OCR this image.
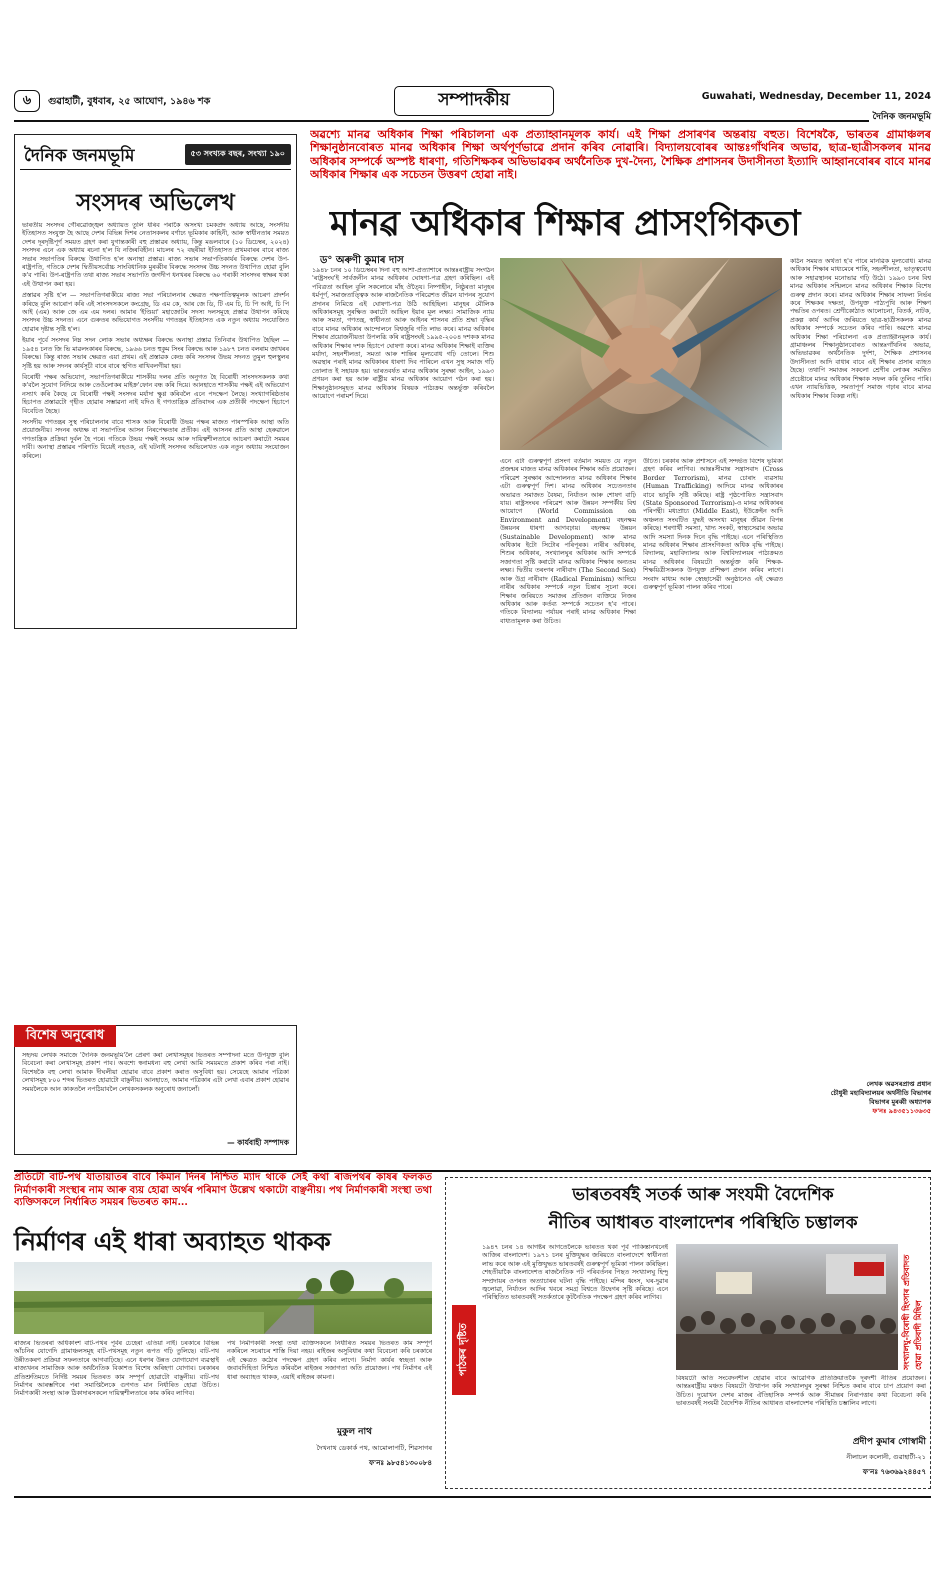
৬	গুৱাহাটী, বুধবাৰ, ২৫ আঘোণ, ১৯৪৬ শক	সম্পাদকীয়	Guwahati, Wednesday, December 11, 2024
দৈনিক জনমভূমি
দৈনিক জনমভূমি	৫৩ সংখ্যক বছৰ, সংখ্যা ১৯০
সংসদৰ অভিলেখ

ভাৰতীয় সংসদৰ গৌৰৱোজ্জ্বল অধ্যায়ত তুলি ধৰিব পৰাকৈ অসংখ্য চমকপ্ৰদ অধ্যায় আছে, সংসদীয় ইতিহাসত সংযুক্ত হৈ আছে দেশৰ বিভিন্ন দিশৰ নেতাসকলৰ বৰ্ণাঢ্য ভূমিকাৰ কাহিনী, আৰু স্বাধীনতাৰ সময়ত দেশৰ দূৰদৃষ্টিপূৰ্ণ সময়ত গ্ৰহণ কৰা যুগান্তকাৰী বহু প্ৰস্তাৱৰ অধ্যায়, কিন্তু মঙলবাৰে (১০ ডিচেম্বৰ, ২০২৪) সংসদৰ এনে এক অধ্যায় ৰচনা হ'ল যি নজিৰবিহীন। মাচলৰ ৭২ বছৰীয়া ইতিহাসত প্ৰথমবাৰৰ বাবে ৰাজ্য সভাৰ সভাপতিৰ বিৰুদ্ধে উথাপিত হ'ল অনাস্থা প্ৰস্তাৱ। ৰাজ্য সভাৰ সভাপতিকাৰ্যৰ বিৰুদ্ধে দেশৰ উপ-ৰাষ্ট্ৰপতি, গতিকে দেশৰ দ্বিতীয়সৰ্বোচ্চ সাংবিধানিক মুৰব্বীৰ বিৰুদ্ধে সংসদৰ উচ্চ সদনত উথাপিত হোৱা বুলি ক'ব পাৰি। উপ-ৰাষ্ট্ৰপতি তথা ৰাজ্য সভাৰ সভাপতি জগদীপ ধনখৰৰ বিৰুদ্ধে ৬০ গৰাকী সাংসদৰ স্বাক্ষৰ থকা এই উত্থাপন কৰা হয়।

প্ৰস্তাৱৰ সৃষ্টি হ'ল — সভাপতিগৰাকীয়ে ৰাজ্য সভা পৰিচালনাৰ ক্ষেত্ৰত পক্ষপাতিত্বমূলক আচৰণ প্ৰদৰ্শন কৰিছে বুলি আৰোপ কৰি এই সাংসদসকলে কংগ্ৰেছ, ডি এম কে, আৰ জে ডি, টি এম চি, চি পি আই, চি পি আই (এম) আৰু জে এম এম দলৰ। আমাৰ 'ইণ্ডিয়া' মহাজোটৰ সদস্য দলসমূহে প্ৰস্তাৱ উথাপন কৰিছে সংসদৰ উচ্চ সদনত। এনে গুৰুতৰ অভিযোগত সংসদীয় গণতন্ত্ৰৰ ইতিহাসত এক নতুন অধ্যায় সংযোজিত হোৱাৰ দৃষ্টান্ত সৃষ্টি হ'ল।

ইয়াৰ পূৰ্বে সংসদৰ নিম্ন সদন লোক সভাৰ অধ্যক্ষৰ বিৰুদ্ধে অনাস্থা প্ৰস্তাৱ তিনিবাৰ উথাপিত হৈছিল — ১৯৫৪ চনত জি ভি মাৱলংকাৰৰ বিৰুদ্ধে, ১৯৬৬ চনত হুকুম সিংৰ বিৰুদ্ধে আৰু ১৯৮৭ চনত বলৰাম জাখৰৰ বিৰুদ্ধে। কিন্তু ৰাজ্য সভাৰ ক্ষেত্ৰত এয়া প্ৰথম। এই প্ৰস্তাৱক কেন্দ্ৰ কৰি সংসদৰ উভয় সদনত তুমুল হুলস্থুলৰ সৃষ্টি হয় আৰু সদনৰ কাৰ্যসূচী বাৰে বাৰে স্থগিত ৰাখিবলগীয়া হয়।

বিৰোধী পক্ষৰ অভিযোগ, সভাপতিগৰাকীয়ে শাসকীয় দলৰ প্ৰতি অনুগত হৈ বিৰোধী সাংসদসকলক কথা ক'বলৈ সুযোগ নিদিয়ে আৰু তেওঁলোকৰ মাইক্ৰ'ফোন বন্ধ কৰি দিয়ে। আনহাতে শাসকীয় পক্ষই এই অভিযোগ নস্যাৎ কৰি কৈছে যে বিৰোধী পক্ষই সংসদৰ মৰ্যাদা ক্ষুণ্ণ কৰিবলৈ এনে পদক্ষেপ লৈছে। সংখ্যাগৰিষ্ঠতাৰ হিচাপত প্ৰস্তাৱটো গৃহীত হোৱাৰ সম্ভাৱনা নাই যদিও ই গণতান্ত্ৰিক প্ৰতিবাদৰ এক প্ৰতীকী পদক্ষেপ হিচাপে বিবেচিত হৈছে।

সংসদীয় গণতন্ত্ৰৰ সুস্থ পৰিচালনাৰ বাবে শাসক আৰু বিৰোধী উভয় পক্ষৰ মাজত পাৰস্পৰিক আস্থা অতি প্ৰয়োজনীয়। সদনৰ অধ্যক্ষ বা সভাপতিৰ আসন নিৰপেক্ষতাৰ প্ৰতীক। এই আসনৰ প্ৰতি আস্থা হেৰুৱালে গণতান্ত্ৰিক প্ৰক্ৰিয়া দুৰ্বল হৈ পৰে। গতিকে উভয় পক্ষই সংযম আৰু দায়িত্বশীলতাৰে আচৰণ কৰাটো সময়ৰ দাবী। অনাস্থা প্ৰস্তাৱৰ পৰিণতি যিয়েই নহওক, এই ঘটনাই সংসদৰ অভিলেখত এক নতুন অধ্যায় সংযোজন কৰিলে।

বিশেষ অনুৰোধ
সহৃদয় লেখক সমাজে 'দৈনিক জনমভূমি'লৈ প্ৰেৰণ কৰা লেখাসমূহৰ ভিতৰত সম্পাদনা মতে উপযুক্ত বুলি বিবেচনা কৰা লেখাসমূহ প্ৰকাশ পাব। অবশ্যে স্বনামধন্য বহু লেখা আমি সময়মতে প্ৰকাশ কৰিব পৰা নাই। বিশেষকৈ বহু লেখা আমাক দীঘলীয়া হোৱাৰ বাবে প্ৰকাশ কৰাত অসুবিধা হয়। সেয়েহে আমাৰ পত্ৰিকা লেখাসমূহ ৮০০ শব্দৰ ভিতৰত হোৱাটো বাঞ্ছনীয়। আনহাতে, আমাৰ পত্ৰিকাৰ এটা লেখা এবাৰ প্ৰকাশ হোৱাৰ সময়লৈকে আন কাকতলৈ নপঠিয়াবলৈ লেখকসকলক অনুৰোধ জনালোঁ।
— কাৰ্যবাহী সম্পাদক
অৱশ্যে মানৱ অধিকাৰ শিক্ষা পৰিচালনা এক প্ৰত্যাহ্বানমূলক কাৰ্য। এই শিক্ষা প্ৰসাৰণৰ অন্তৰায় বহুত। বিশেষকৈ, ভাৰতৰ গ্ৰামাঞ্চলৰ শিক্ষানুষ্ঠানবোৰত মানৱ অধিকাৰ শিক্ষা অৰ্থপূৰ্ণভাৱে প্ৰদান কৰিব নোৱাৰি। বিদ্যালয়বোৰৰ আন্তঃগাঁথনিৰ অভাৱ, ছাত্ৰ-ছাত্ৰীসকলৰ মানৱ অধিকাৰ সম্পৰ্কে অস্পষ্ট ধাৰণা, গতিশিক্ষকৰ অভিভাৱকৰ অৰ্থনৈতিক দুখ-দৈন্য, শৈক্ষিক প্ৰশাসনৰ উদাসীনতা ইত্যাদি আহ্বানবোৰৰ বাবে মানৱ অধিকাৰ শিক্ষাৰ এক সচেতন উত্তৰণ হোৱা নাই।
মানৱ অধিকাৰ শিক্ষাৰ প্ৰাসংগিকতা
ড° অৰুণী কুমাৰ দাস
১৯৪৮ চনৰ ১০ ডিচেম্বৰৰ দিনা বহু আশা-প্ৰত্যাশাৰে আন্তঃৰাষ্ট্ৰীয় সংগঠন 'ৰাষ্ট্ৰসংঘ'ই সাৰ্বজনীন মানৱ অধিকাৰ ঘোষণা-পত্ৰ গ্ৰহণ কৰিছিল। এই পবিত্ৰতা আহিল বুলি সকলোৰে মাঁহ ঔতৈ্য। নিষ্পাহীন, নিষ্ঠুৰতা মানুহৰ ধৰ্মপূৰ্ণ, সমাজতাত্ত্বিক আৰু ৰাজনৈতিক পৰিৱেশত জীৱন যাপনৰ সুযোগ প্ৰদানৰ নিমিত্তে এই ঘোষণা-পত্ৰ উঠি আহিছিল। মানুহৰ মৌলিক অধিকাৰসমূহ সুৰক্ষিত কৰাটো আছিল ইয়াৰ মূল লক্ষ্য। সামাজিক ন্যায় আৰু সমতা, গণতন্ত্ৰ, স্বাধীনতা আৰু আইনৰ শাসনৰ প্ৰতি শ্ৰদ্ধা বৃদ্ধিৰ বাবে মানৱ অধিকাৰ আন্দোলনে বিশ্বজুৰি গতি লাভ কৰে। মানৱ অধিকাৰ শিক্ষাৰ প্ৰয়োজনীয়তা উপলব্ধি কৰি ৰাষ্ট্ৰসংঘই ১৯৯৫-২০০৪ দশকক মানৱ অধিকাৰ শিক্ষাৰ দশক হিচাপে ঘোষণা কৰে। মানৱ অধিকাৰ শিক্ষাই ব্যক্তিৰ মৰ্যাদা, সহনশীলতা, সমতা আৰু শান্তিৰ মূল্যবোধ গঢ়ি তোলে। শিশু অৱস্থাৰ পৰাই মানৱ অধিকাৰৰ ধাৰণা দিব পাৰিলে এখন সুস্থ সমাজ গঢ়ি তোলাত ই সহায়ক হয়। ভাৰতবৰ্ষত মানৱ অধিকাৰ সুৰক্ষা আইন, ১৯৯৩ প্ৰণয়ন কৰা হয় আৰু ৰাষ্ট্ৰীয় মানৱ অধিকাৰ আয়োগ গঠন কৰা হয়। শিক্ষানুষ্ঠানসমূহত মানৱ অধিকাৰ বিষয়ক পাঠ্যক্ৰম অন্তৰ্ভুক্ত কৰিবলৈ আয়োগে পৰামৰ্শ দিয়ে।
এনে এটা গুৰুত্বপূৰ্ণ প্ৰসংগ বৰ্তমান সময়ত যে নতুন প্ৰজন্মৰ মাজত মানৱ অধিকাৰৰ শিক্ষাৰ অতি প্ৰয়োজন। পৰিৱেশ সুৰক্ষাৰ আন্দোলনত মানৱ অধিকাৰ শিক্ষাৰ এটা গুৰুত্বপূৰ্ণ দিশ। মানৱ অধিকাৰ সচেতনতাৰ অভাৱত সমাজত বৈষম্য, নিৰ্যাতন আৰু শোষণ বাঢ়ি যায়। ৰাষ্ট্ৰসংঘৰ পৰিৱেশ আৰু উন্নয়ন সম্পৰ্কীয় বিশ্ব আয়োগে (World Commission on Environment and Development) বহনক্ষম উন্নয়নৰ ধাৰণা আগবঢ়ায়। বহনক্ষম উন্নয়ন (Sustainable Development) আৰু মানৱ অধিকাৰ ইটো সিটোৰ পৰিপূৰক। নাৰীৰ অধিকাৰ, শিশুৰ অধিকাৰ, সংখ্যালঘুৰ অধিকাৰ আদি সম্পৰ্কে সজাগতা সৃষ্টি কৰাটো মানৱ অধিকাৰ শিক্ষাৰ অন্যতম লক্ষ্য। দ্বিতীয় তৰংগৰ নাৰীবাদ (The Second Sex) আৰু উগ্ৰ নাৰীবাদ (Radical Feminism) আদিয়ে নাৰীৰ অধিকাৰ সম্পৰ্কে নতুন চিন্তাৰ সূচনা কৰে। শিক্ষাৰ জৰিয়তে সমাজৰ প্ৰতিজন ব্যক্তিয়ে নিজৰ অধিকাৰ আৰু কৰ্তব্য সম্পৰ্কে সচেতন হ'ব পাৰে। গতিকে বিদ্যালয় পৰ্যায়ৰ পৰাই মানৱ অধিকাৰ শিক্ষা বাধ্যতামূলক কৰা উচিত।
উচিত। চৰকাৰ আৰু প্ৰশাসনে এই সন্দৰ্ভত বিশেষ ভূমিকা গ্ৰহণ কৰিব লাগিব। আন্তঃসীমান্ত সন্ত্ৰাসবাদ (Cross Border Terrorism), মানৱ চোৰাং ব্যৱসায় (Human Trafficking) আদিয়ে মানৱ অধিকাৰৰ বাবে ভাবুকি সৃষ্টি কৰিছে। ৰাষ্ট্ৰ পৃষ্ঠপোষিত সন্ত্ৰাসবাদ (State Sponsored Terrorism)-ও মানৱ অধিকাৰৰ পৰিপন্থী। মধ্যপ্ৰাচ্য (Middle East), ইউক্ৰেইন আদি অঞ্চলত সংঘটিত যুদ্ধই অসংখ্য মানুহৰ জীৱন বিপন্ন কৰিছে। শৰণাৰ্থী সমস্যা, খাদ্য সংকট, স্বাস্থ্যসেৱাৰ অভাৱ আদি সমস্যা দিনক দিনে বৃদ্ধি পাইছে। এনে পৰিস্থিতিত মানৱ অধিকাৰ শিক্ষাৰ প্ৰাসংগিকতা অধিক বৃদ্ধি পাইছে। বিদ্যালয়, মহাবিদ্যালয় আৰু বিশ্ববিদ্যালয়ৰ পাঠ্যক্ৰমত মানৱ অধিকাৰ বিষয়টো অন্তৰ্ভুক্ত কৰি শিক্ষক-শিক্ষয়িত্ৰীসকলক উপযুক্ত প্ৰশিক্ষণ প্ৰদান কৰিব লাগে। সংবাদ মাধ্যম আৰু স্বেচ্ছাসেৱী অনুষ্ঠানেও এই ক্ষেত্ৰত গুৰুত্বপূৰ্ণ ভূমিকা পালন কৰিব পাৰে।
কঠিন সময়ত অৰ্থতা হ'ব পাৰে মানৱিক মূল্যবোধ। মানৱ অধিকাৰ শিক্ষাৰ মাধ্যমেৰে শান্তি, সহনশীলতা, ভাতৃত্ববোধ আৰু সহাৱস্থানৰ মনোভাৱ গঢ়ি উঠে। ১৯৯৩ চনৰ বিশ্ব মানৱ অধিকাৰ সন্মিলনে মানৱ অধিকাৰ শিক্ষাক বিশেষ গুৰুত্ব প্ৰদান কৰে। মানৱ অধিকাৰ শিক্ষাৰ সাফল্য নিৰ্ভৰ কৰে শিক্ষকৰ দক্ষতা, উপযুক্ত পাঠ্যপুথি আৰু শিক্ষণ পদ্ধতিৰ ওপৰত। শ্ৰেণীকোঠাত আলোচনা, বিতৰ্ক, নাটক, প্ৰকল্প কাৰ্য আদিৰ জৰিয়তে ছাত্ৰ-ছাত্ৰীসকলক মানৱ অধিকাৰ সম্পৰ্কে সচেতন কৰিব পাৰি। অৱশ্যে মানৱ অধিকাৰ শিক্ষা পৰিচালনা এক প্ৰত্যাহ্বানমূলক কাৰ্য। গ্ৰামাঞ্চলৰ শিক্ষানুষ্ঠানবোৰত আন্তঃগাঁথনিৰ অভাৱ, অভিভাৱকৰ অৰ্থনৈতিক দুৰ্দশা, শৈক্ষিক প্ৰশাসনৰ উদাসীনতা আদি বাধাৰ বাবে এই শিক্ষাৰ প্ৰসাৰ ব্যাহত হৈছে। তথাপি সমাজৰ সকলো শ্ৰেণীৰ লোকৰ সমন্বিত প্ৰচেষ্টাৰে মানৱ অধিকাৰ শিক্ষাক সফল কৰি তুলিব পাৰি। এখন ন্যায়ভিত্তিক, সমতাপূৰ্ণ সমাজ গঢ়াৰ বাবে মানৱ অধিকাৰ শিক্ষাৰ বিকল্প নাই।
লেখক অৱসৰপ্ৰাপ্ত প্ৰধান
চৌধুৰী মহাবিদ্যালয়ৰ অৰ্থনীতি বিভাগৰ
বিভাগৰ মুৰব্বী অধ্যাপক
ফ'নঃ ৯৪৩৫১১৩৬৩৫
প্ৰতিটো বাট-পথ যাতায়াতৰ বাবে কিমান দিনৰ নিশ্চিত ম্যাদ থাকে সেই কথা ৰাজপথৰ কাষৰ ফলকত নিৰ্মাণকাৰী সংস্থাৰ নাম আৰু ব্যয় হোৱা অৰ্থৰ পৰিমাণ উল্লেখ থকাটো বাঞ্ছনীয়। পথ নিৰ্মাণকাৰী সংস্থা তথা ব্যক্তিসকলে নিৰ্ধাৰিত সময়ৰ ভিতৰত কাম...
নিৰ্মাণৰ এই ধাৰা অব্যাহত থাকক
ৰাজ্যৰ ভিতৰৰা অধিকাংশ বাট-পথৰ পূৰ্বৰ চেহেৰা এতিয়া নাই। চৰকাৰে বিভিন্ন আঁচনিৰ যোগেদি গ্ৰামাঞ্চলসমূহ বাট-পথসমূহ নতুন ৰূপত গঢ়ি তুলিছে। বাট-পথ উন্নীতকৰণ প্ৰক্ৰিয়া সফলতাৰে আগবাঢ়িছে। এনে ধৰণৰ উন্নত যোগাযোগ ব্যৱস্থাই ৰাজ্যখনৰ সামাজিক আৰু অৰ্থনৈতিক বিকাশত বিশেষ অৰিহণা যোগাব। চৰকাৰৰ প্ৰতিশ্ৰুতিমতে নিৰ্দিষ্ট সময়ৰ ভিতৰত কাম সম্পূৰ্ণ হোৱাটো বাঞ্ছনীয়। বাট-পথ নিৰ্মাণৰ আৰম্ভণিৰে পৰা সমাপ্তিলৈকে গুণগত মান নিৰ্ধাৰিত হোৱা উচিত। নিৰ্মাণকাৰী সংস্থা আৰু ঠিকাদাৰসকলে দায়িত্বশীলতাৰে কাম কৰিব লাগিব।
পথ নিৰ্মাণকাৰী সংস্থা তথা ব্যক্তিসকলে নিৰ্ধাৰিত সময়ৰ ভিতৰত কাম সম্পূৰ্ণ নকৰিলে সচৰাচৰ শাস্তি দিয়া নহয়। ৰাইজৰ অসুবিধাৰ কথা বিবেচনা কৰি চৰকাৰে এই ক্ষেত্ৰত কঠোৰ পদক্ষেপ গ্ৰহণ কৰিব লাগে। নিৰ্মাণ কাৰ্যৰ স্বচ্ছতা আৰু জবাবদিহিতা নিশ্চিত কৰিবলৈ ৰাইজৰ সজাগতা অতি প্ৰয়োজন। পথ নিৰ্মাণৰ এই ধাৰা অব্যাহত থাকক, এয়াই ৰাইজৰ কামনা।
মুকুল নাথ
দৈখনাথ ডেকাৰ্ক পথ, আমোলাপটি, শিৱসাগৰ
ফ'নঃ ৯৮৫৪১৩০০৮৪
পাঠকৰ দৃষ্টিত
ভাৰতবৰ্ষই সতৰ্ক আৰু সংযমী বৈদেশিক
নীতিৰ আধাৰত বাংলাদেশৰ পৰিস্থিতি চম্ভালক
১৯৪৭ চনৰ ১৪ আগষ্টৰ আগতেলৈকে ভাৰতত থকা পূৰ্ব পাকিস্তানখনেই আজিৰ বাংলাদেশ। ১৯৭১ চনৰ মুক্তিযুদ্ধৰ জৰিয়তে বাংলাদেশে স্বাধীনতা লাভ কৰে আৰু এই মুক্তিযুদ্ধত ভাৰতবৰ্ষই গুৰুত্বপূৰ্ণ ভূমিকা পালন কৰিছিল। শেহতীয়াকৈ বাংলাদেশত ৰাজনৈতিক পট পৰিবৰ্তনৰ পিছত সংখ্যালঘু হিন্দু সম্প্ৰদায়ৰ ওপৰত অত্যাচাৰৰ ঘটনা বৃদ্ধি পাইছে। মন্দিৰ ধ্বংস, ঘৰ-দুৱাৰ জ্বলোৱা, নিৰ্যাতন আদিৰ খবৰে সমগ্ৰ বিশ্বতে উদ্বেগৰ সৃষ্টি কৰিছে। এনে পৰিস্থিতিত ভাৰতবৰ্ষই সতৰ্কতাৰে কূটনৈতিক পদক্ষেপ গ্ৰহণ কৰিব লাগিব।	সংখ্যালঘু-বিৰোধী হিংসাৰ প্ৰতিবাদত হোৱা প্ৰতিবাদী মিছিল
বিষয়টো অতি সংবেদনশীল হোৱাৰ বাবে আৱেগিক প্ৰতিক্ৰিয়াতকৈ দূৰদৰ্শী নীতিৰ প্ৰয়োজন। আন্তঃৰাষ্ট্ৰীয় মঞ্চত বিষয়টো উত্থাপন কৰি সংখ্যালঘুৰ সুৰক্ষা নিশ্চিত কৰাৰ বাবে চাপ প্ৰয়োগ কৰা উচিত। দুয়োখন দেশৰ মাজৰ ঐতিহাসিক সম্পৰ্ক আৰু সীমান্তৰ নিৰাপত্তাৰ কথা বিবেচনা কৰি ভাৰতবৰ্ষই সংযমী বৈদেশিক নীতিৰ আধাৰত বাংলাদেশৰ পৰিস্থিতি চম্ভালিব লাগে।
প্ৰদীপ কুমাৰ গোস্বামী
নীলাচল কলোনী, গুৱাহাটী-২১
ফ'নঃ ৭৬৩৬৯২৪৪৫৭
